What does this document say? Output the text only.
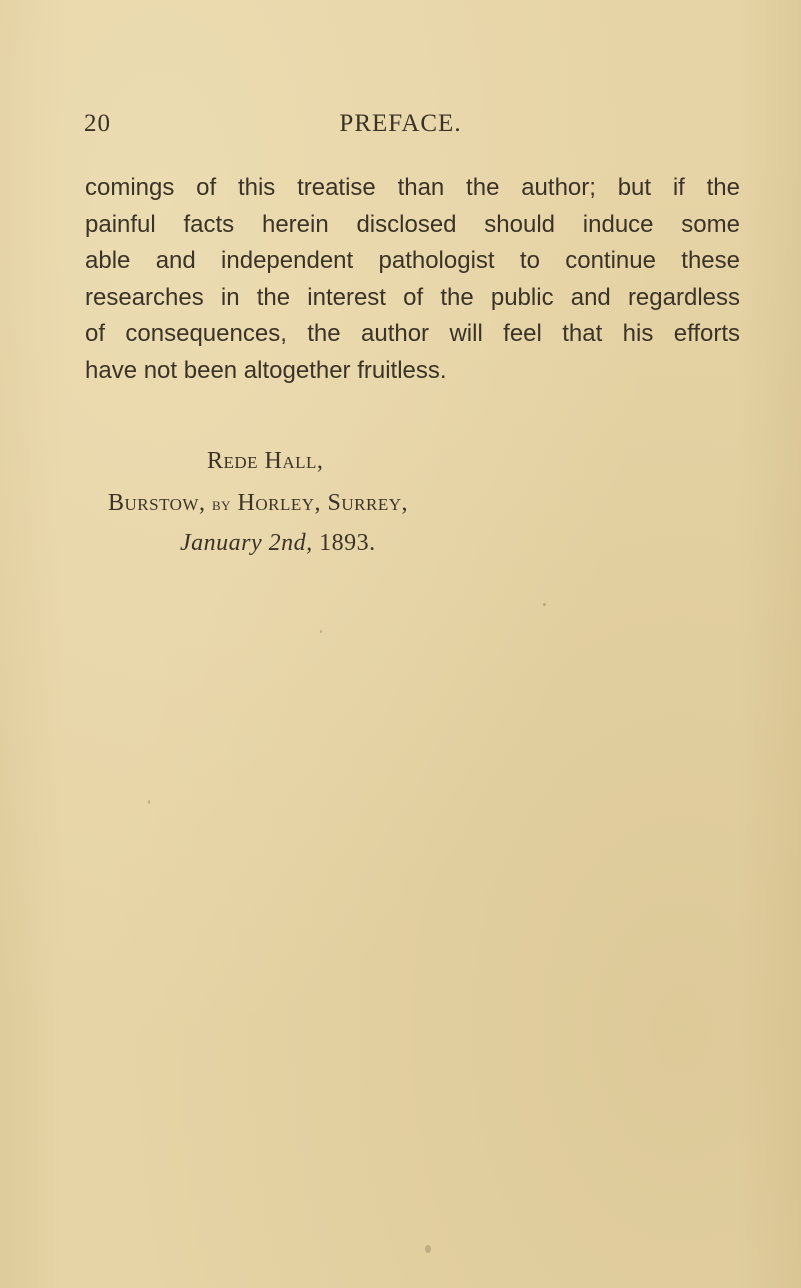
20	PREFACE.
comings of this treatise than the author; but if the
painful facts herein disclosed should induce some
able and independent pathologist to continue these
researches in the interest of the public and regardless
of consequences, the author will feel that his efforts
have not been altogether fruitless.
Rede Hall,
Burstow, by Horley, Surrey,
January 2nd, 1893.
